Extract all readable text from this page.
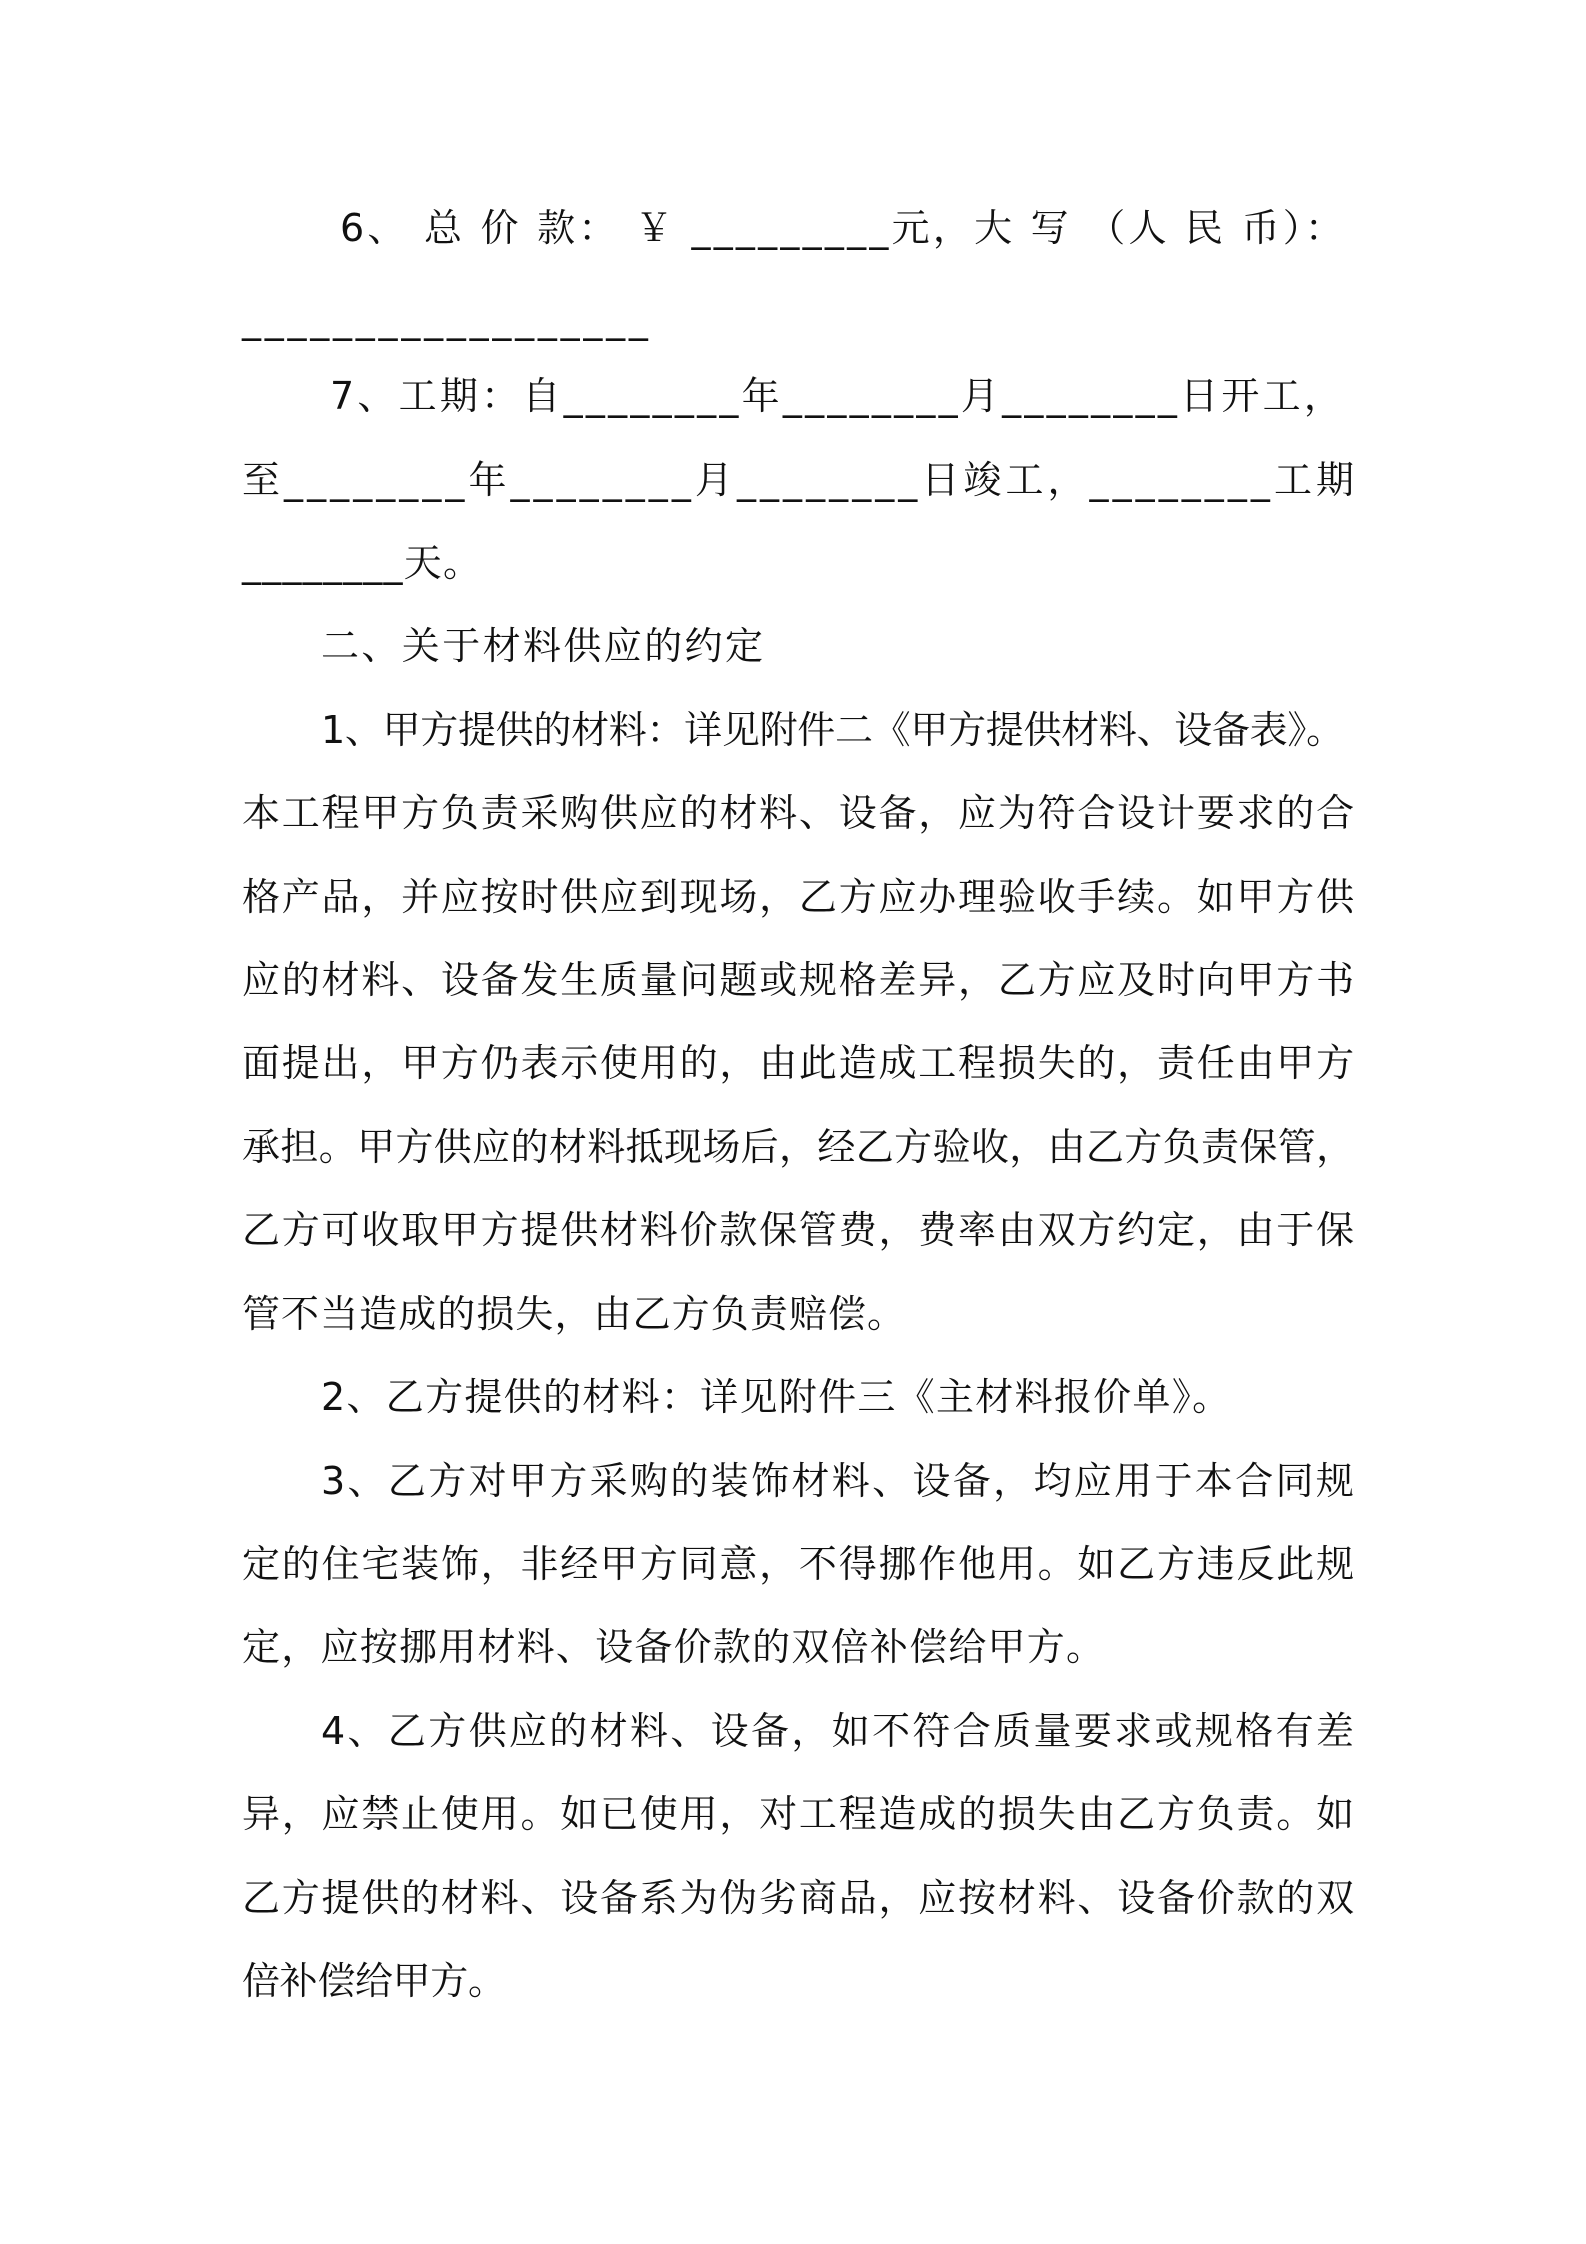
6、 总 价 款： ￥ _________元，大 写 （人 民 币）：
__________________
7、工期：自________年________月________日开工，
至________年________月________日竣工，________工期
________天。
二、关于材料供应的约定
1、甲方提供的材料：详见附件二《甲方提供材料、设备表》。
本工程甲方负责采购供应的材料、设备，应为符合设计要求的合
格产品，并应按时供应到现场，乙方应办理验收手续。如甲方供
应的材料、设备发生质量问题或规格差异，乙方应及时向甲方书
面提出，甲方仍表示使用的，由此造成工程损失的，责任由甲方
承担。甲方供应的材料抵现场后，经乙方验收，由乙方负责保管，
乙方可收取甲方提供材料价款保管费，费率由双方约定，由于保
管不当造成的损失，由乙方负责赔偿。
2、乙方提供的材料：详见附件三《主材料报价单》。
3、乙方对甲方采购的装饰材料、设备，均应用于本合同规
定的住宅装饰，非经甲方同意，不得挪作他用。如乙方违反此规
定，应按挪用材料、设备价款的双倍补偿给甲方。
4、乙方供应的材料、设备，如不符合质量要求或规格有差
异，应禁止使用。如已使用，对工程造成的损失由乙方负责。如
乙方提供的材料、设备系为伪劣商品，应按材料、设备价款的双
倍补偿给甲方。
